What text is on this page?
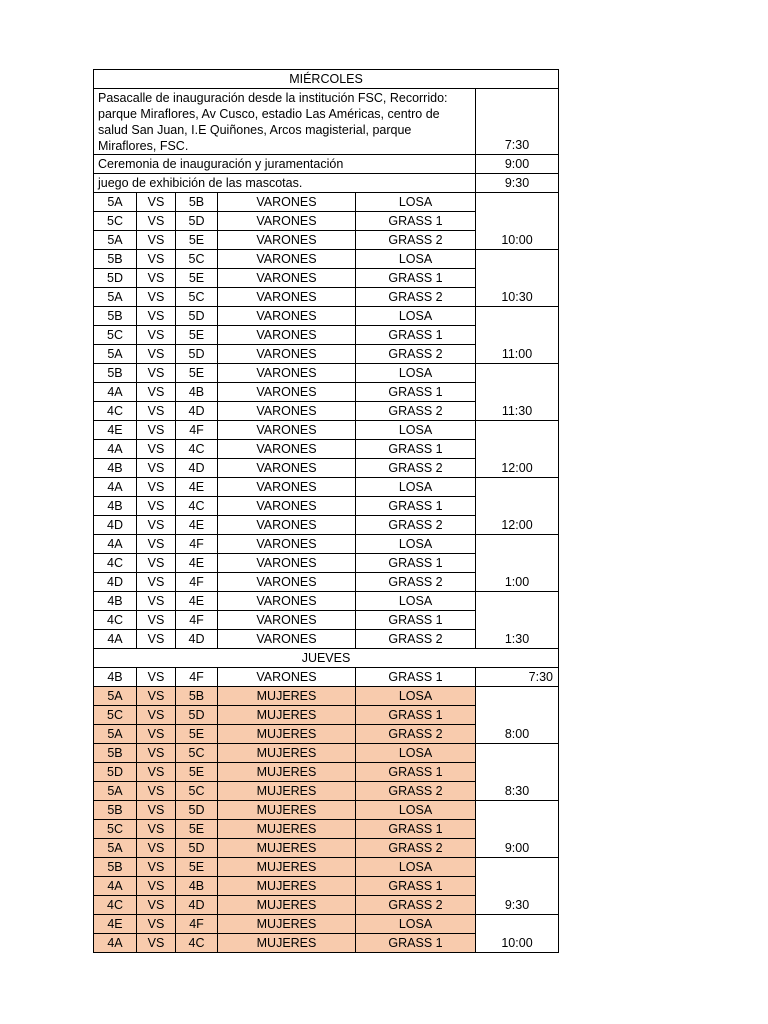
MIÉRCOLES					
Pasacalle de inauguración desde la institución FSC, Recorrido: parque Miraflores, Av Cusco, estadio Las Américas, centro de salud San Juan, I.E Quiñones, Arcos magisterial, parque Miraflores, FSC.					7:30
Ceremonia de inauguración y juramentación					9:00
juego de exhibición de las mascotas.					9:30
5A	VS	5B	VARONES	LOSA	10:00
5C	VS	5D	VARONES	GRASS 1	
5A	VS	5E	VARONES	GRASS 2	
5B	VS	5C	VARONES	LOSA	10:30
5D	VS	5E	VARONES	GRASS 1	
5A	VS	5C	VARONES	GRASS 2	
5B	VS	5D	VARONES	LOSA	11:00
5C	VS	5E	VARONES	GRASS 1	
5A	VS	5D	VARONES	GRASS 2	
5B	VS	5E	VARONES	LOSA	11:30
4A	VS	4B	VARONES	GRASS 1	
4C	VS	4D	VARONES	GRASS 2	
4E	VS	4F	VARONES	LOSA	12:00
4A	VS	4C	VARONES	GRASS 1	
4B	VS	4D	VARONES	GRASS 2	
4A	VS	4E	VARONES	LOSA	12:00
4B	VS	4C	VARONES	GRASS 1	
4D	VS	4E	VARONES	GRASS 2	
4A	VS	4F	VARONES	LOSA	1:00
4C	VS	4E	VARONES	GRASS 1	
4D	VS	4F	VARONES	GRASS 2	
4B	VS	4E	VARONES	LOSA	1:30
4C	VS	4F	VARONES	GRASS 1	
4A	VS	4D	VARONES	GRASS 2	
JUEVES					
4B	VS	4F	VARONES	GRASS 1	7:30
5A	VS	5B	MUJERES	LOSA	8:00
5C	VS	5D	MUJERES	GRASS 1	
5A	VS	5E	MUJERES	GRASS 2	
5B	VS	5C	MUJERES	LOSA	8:30
5D	VS	5E	MUJERES	GRASS 1	
5A	VS	5C	MUJERES	GRASS 2	
5B	VS	5D	MUJERES	LOSA	9:00
5C	VS	5E	MUJERES	GRASS 1	
5A	VS	5D	MUJERES	GRASS 2	
5B	VS	5E	MUJERES	LOSA	9:30
4A	VS	4B	MUJERES	GRASS 1	
4C	VS	4D	MUJERES	GRASS 2	
4E	VS	4F	MUJERES	LOSA	10:00
4A	VS	4C	MUJERES	GRASS 1	
